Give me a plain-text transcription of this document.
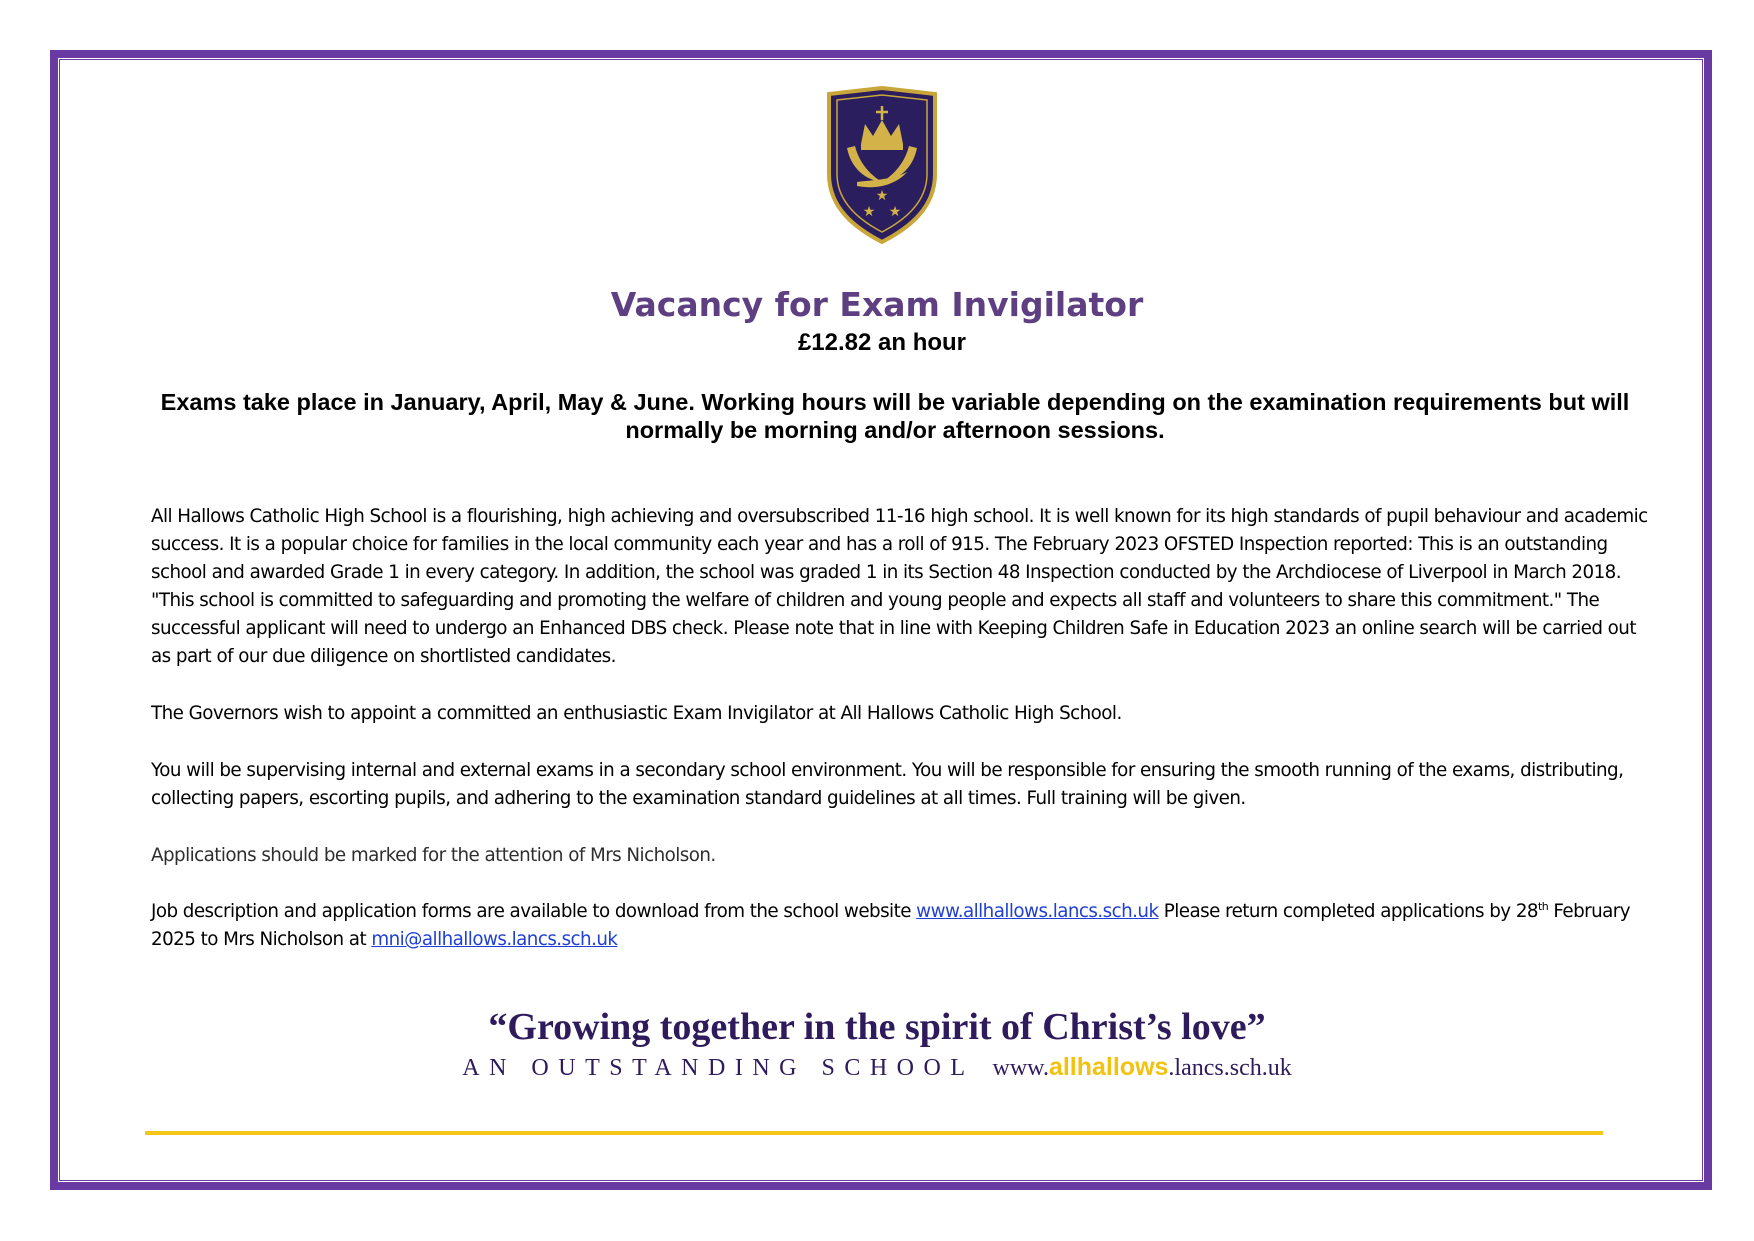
★
★ ★
Vacancy for Exam Invigilator
£12.82 an hour
Exams take place in January, April, May & June. Working hours will be variable depending on the examination requirements but will normally be morning and/or afternoon sessions.

All Hallows Catholic High School is a flourishing, high achieving and oversubscribed 11-16 high school. It is well known for its high standards of pupil behaviour and academic success. It is a popular choice for families in the local community each year and has a roll of 915. The February 2023 OFSTED Inspection reported: This is an outstanding school and awarded Grade 1 in every category. In addition, the school was graded 1 in its Section 48 Inspection conducted by the Archdiocese of Liverpool in March 2018. "This school is committed to safeguarding and promoting the welfare of children and young people and expects all staff and volunteers to share this commitment." The successful applicant will need to undergo an Enhanced DBS check. Please note that in line with Keeping Children Safe in Education 2023 an online search will be carried out as part of our due diligence on shortlisted candidates.

The Governors wish to appoint a committed an enthusiastic Exam Invigilator at All Hallows Catholic High School.

You will be supervising internal and external exams in a secondary school environment. You will be responsible for ensuring the smooth running of the exams, distributing, collecting papers, escorting pupils, and adhering to the examination standard guidelines at all times. Full training will be given.

Applications should be marked for the attention of Mrs Nicholson.

Job description and application forms are available to download from the school website www.allhallows.lancs.sch.uk Please return completed applications by 28th February 2025 to Mrs Nicholson at mni@allhallows.lancs.sch.uk

“Growing together in the spirit of Christ’s love”
AN OUTSTANDING SCHOOL www.allhallows.lancs.sch.uk
